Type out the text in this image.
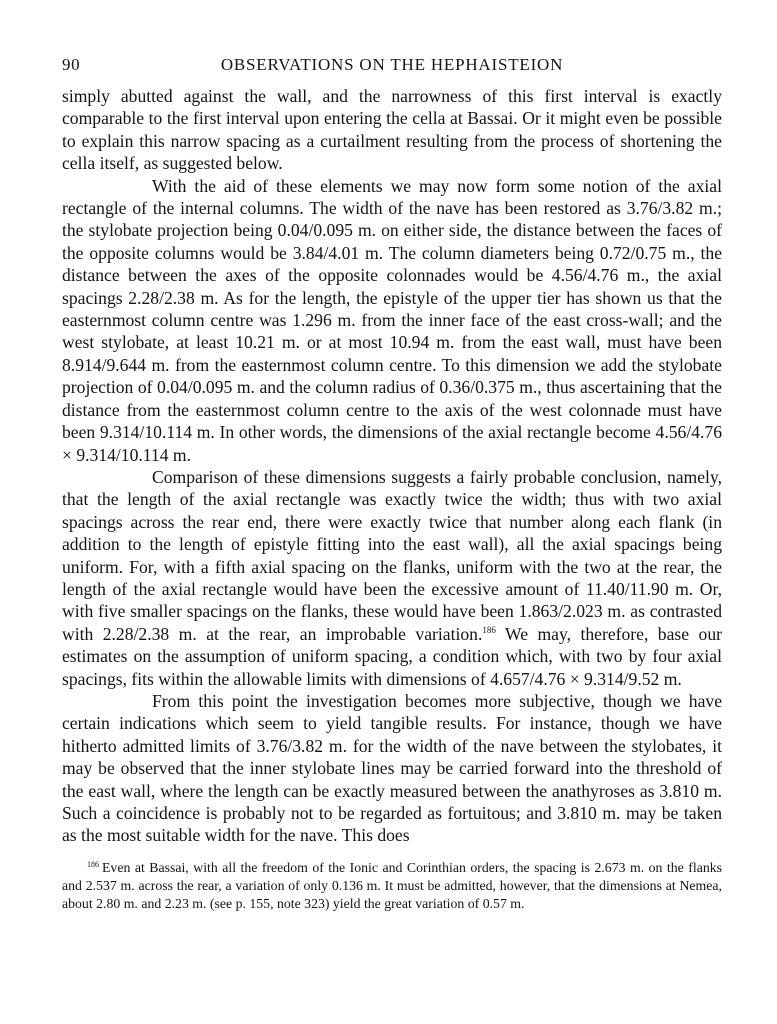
90	OBSERVATIONS ON THE HEPHAISTEION

simply abutted against the wall, and the narrowness of this first interval is exactly comparable to the first interval upon entering the cella at Bassai. Or it might even be possible to explain this narrow spacing as a curtailment resulting from the process of shortening the cella itself, as suggested below.

With the aid of these elements we may now form some notion of the axial rectangle of the internal columns. The width of the nave has been restored as 3.76/3.82 m.; the stylobate projection being 0.04/0.095 m. on either side, the distance between the faces of the opposite columns would be 3.84/4.01 m. The column diameters being 0.72/0.75 m., the distance between the axes of the opposite colonnades would be 4.56/4.76 m., the axial spacings 2.28/2.38 m. As for the length, the epistyle of the upper tier has shown us that the easternmost column centre was 1.296 m. from the inner face of the east cross-wall; and the west stylobate, at least 10.21 m. or at most 10.94 m. from the east wall, must have been 8.914/9.644 m. from the easternmost column centre. To this dimension we add the stylobate projection of 0.04/0.095 m. and the column radius of 0.36/0.375 m., thus ascertaining that the distance from the easternmost column centre to the axis of the west colonnade must have been 9.314/10.114 m. In other words, the dimensions of the axial rectangle become 4.56/4.76 × 9.314/10.114 m.

Comparison of these dimensions suggests a fairly probable conclusion, namely, that the length of the axial rectangle was exactly twice the width; thus with two axial spacings across the rear end, there were exactly twice that number along each flank (in addition to the length of epistyle fitting into the east wall), all the axial spacings being uniform. For, with a fifth axial spacing on the flanks, uniform with the two at the rear, the length of the axial rectangle would have been the excessive amount of 11.40/11.90 m. Or, with five smaller spacings on the flanks, these would have been 1.863/2.023 m. as contrasted with 2.28/2.38 m. at the rear, an improbable variation.$^{186}$ We may, therefore, base our estimates on the assumption of uniform spacing, a condition which, with two by four axial spacings, fits within the allowable limits with dimensions of 4.657/4.76 × 9.314/9.52 m.

From this point the investigation becomes more subjective, though we have certain indications which seem to yield tangible results. For instance, though we have hitherto admitted limits of 3.76/3.82 m. for the width of the nave between the stylobates, it may be observed that the inner stylobate lines may be carried forward into the threshold of the east wall, where the length can be exactly measured between the anathyroses as 3.810 m. Such a coincidence is probably not to be regarded as fortuitous; and 3.810 m. may be taken as the most suitable width for the nave. This does

$^{186}$ Even at Bassai, with all the freedom of the Ionic and Corinthian orders, the spacing is 2.673 m. on the flanks and 2.537 m. across the rear, a variation of only 0.136 m. It must be admitted, however, that the dimensions at Nemea, about 2.80 m. and 2.23 m. (see p. 155, note 323) yield the great variation of 0.57 m.
